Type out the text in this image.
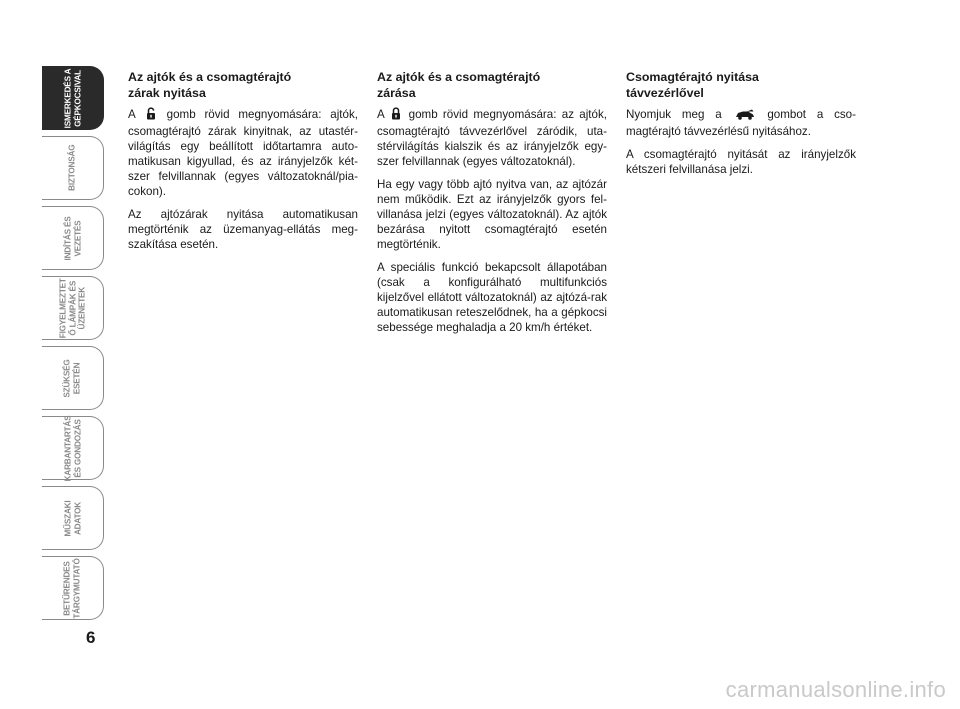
ISMERKEDÉS A
GÉPKOCSIVAL
BIZTONSÁG
INDÍTÁS ÉS
VEZETÉS
FIGYELMEZTET
Ő LÁMPÁK ÉS
ÜZENETEK
SZÜKSÉG
ESETÉN
KARBANTARTÁS
ÉS GONDOZÁS
MŰSZAKI
ADATOK
BETŰRENDES
TÁRGYMUTATÓ
6

Az ajtók és a csomagtérajtó
zárak nyitása

A	gomb rövid megnyomására: ajtók, csomagtérajtó zárak kinyitnak, az utastér-világítás egy beállított időtartamra auto-matikusan kigyullad, és az irányjelzők két-szer felvillannak (egyes változatoknál/pia-cokon).

Az ajtózárak nyitása automatikusan megtörténik az üzemanyag-ellátás meg-szakítása esetén.

Az ajtók és a csomagtérajtó
zárása

A gomb rövid megnyomására: az ajtók, csomagtérajtó távvezérlővel záródik, uta-stérvilágítás kialszik és az irányjelzők egy-szer felvillannak (egyes változatoknál).

Ha egy vagy több ajtó nyitva van, az ajtózár nem működik. Ezt az irányjelzők gyors fel-villanása jelzi (egyes változatoknál). Az ajtók bezárása nyitott csomagtérajtó esetén megtörténik.

A speciális funkció bekapcsolt állapotában (csak a konfigurálható multifunkciós kijelzővel ellátott változatoknál) az ajtózá-rak automatikusan reteszelődnek, ha a gépkocsi sebessége meghaladja a 20 km/h értéket.

Csomagtérajtó nyitása
távvezérlővel

Nyomjuk meg a	gombot a cso-magtérajtó távvezérlésű nyitásához.

A csomagtérajtó nyitását az irányjelzők kétszeri felvillanása jelzi.

carmanualsonline.info
